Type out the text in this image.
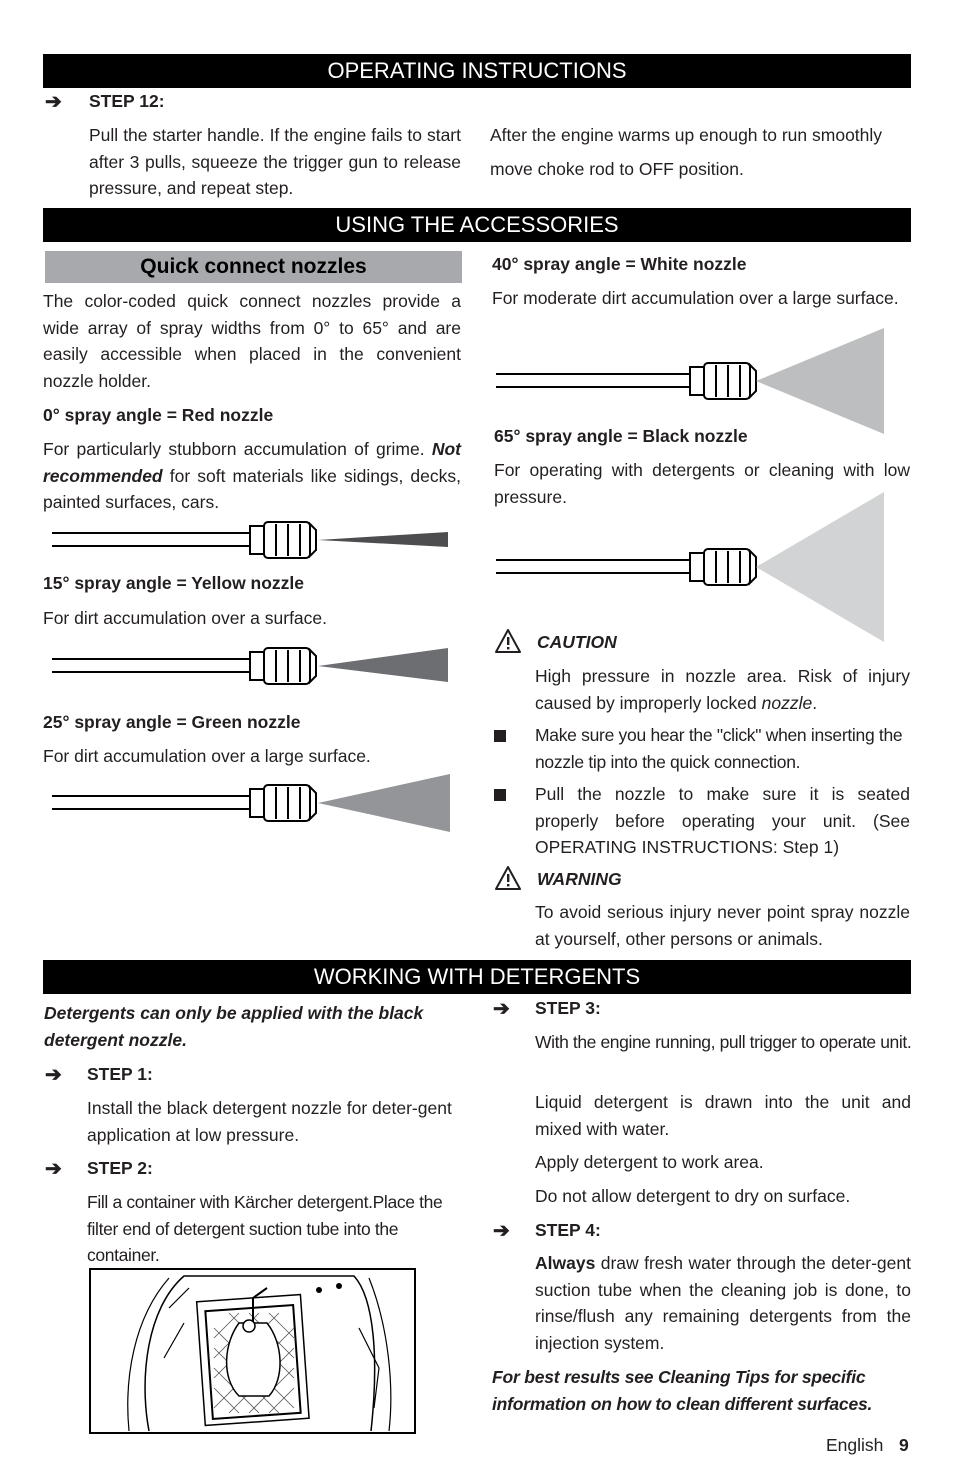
OPERATING INSTRUCTIONS
➔ STEP 12:
Pull the starter handle. If the engine fails to start after 3 pulls, squeeze the trigger gun to release pressure, and repeat step.
After the engine warms up enough to run smoothly move choke rod to OFF position.
USING THE ACCESSORIES
Quick connect nozzles
The color-coded quick connect nozzles provide a wide array of spray widths from 0° to 65° and are easily accessible when placed in the convenient nozzle holder.
0° spray angle = Red nozzle
For particularly stubborn accumulation of grime. Not recommended for soft materials like sidings, decks, painted surfaces, cars.
15° spray angle = Yellow nozzle
For dirt accumulation over a surface.
25° spray angle = Green nozzle
For dirt accumulation over a large surface.
40° spray angle = White nozzle
For moderate dirt accumulation over a large surface.
65° spray angle = Black nozzle
For operating with detergents or cleaning with low pressure.
CAUTION
High pressure in nozzle area. Risk of injury caused by improperly locked nozzle.
Make sure you hear the "click" when inserting the nozzle tip into the quick connection.
Pull the nozzle to make sure it is seated properly before operating your unit. (See OPERATING INSTRUCTIONS: Step 1)
WARNING
To avoid serious injury never point spray nozzle at yourself, other persons or animals.
WORKING WITH DETERGENTS
Detergents can only be applied with the black detergent nozzle.
➔ STEP 1:
Install the black detergent nozzle for deter-gent application at low pressure.
➔ STEP 2:
Fill a container with Kärcher detergent.Place the filter end of detergent suction tube into the container.
➔ STEP 3:
With the engine running, pull trigger to operate unit.
Liquid detergent is drawn into the unit and mixed with water.
Apply detergent to work area.
Do not allow detergent to dry on surface.
➔ STEP 4:
Always draw fresh water through the deter-gent suction tube when the cleaning job is done, to rinse/flush any remaining detergents from the injection system.
For best results see Cleaning Tips for specific information on how to clean different surfaces.
English 9
